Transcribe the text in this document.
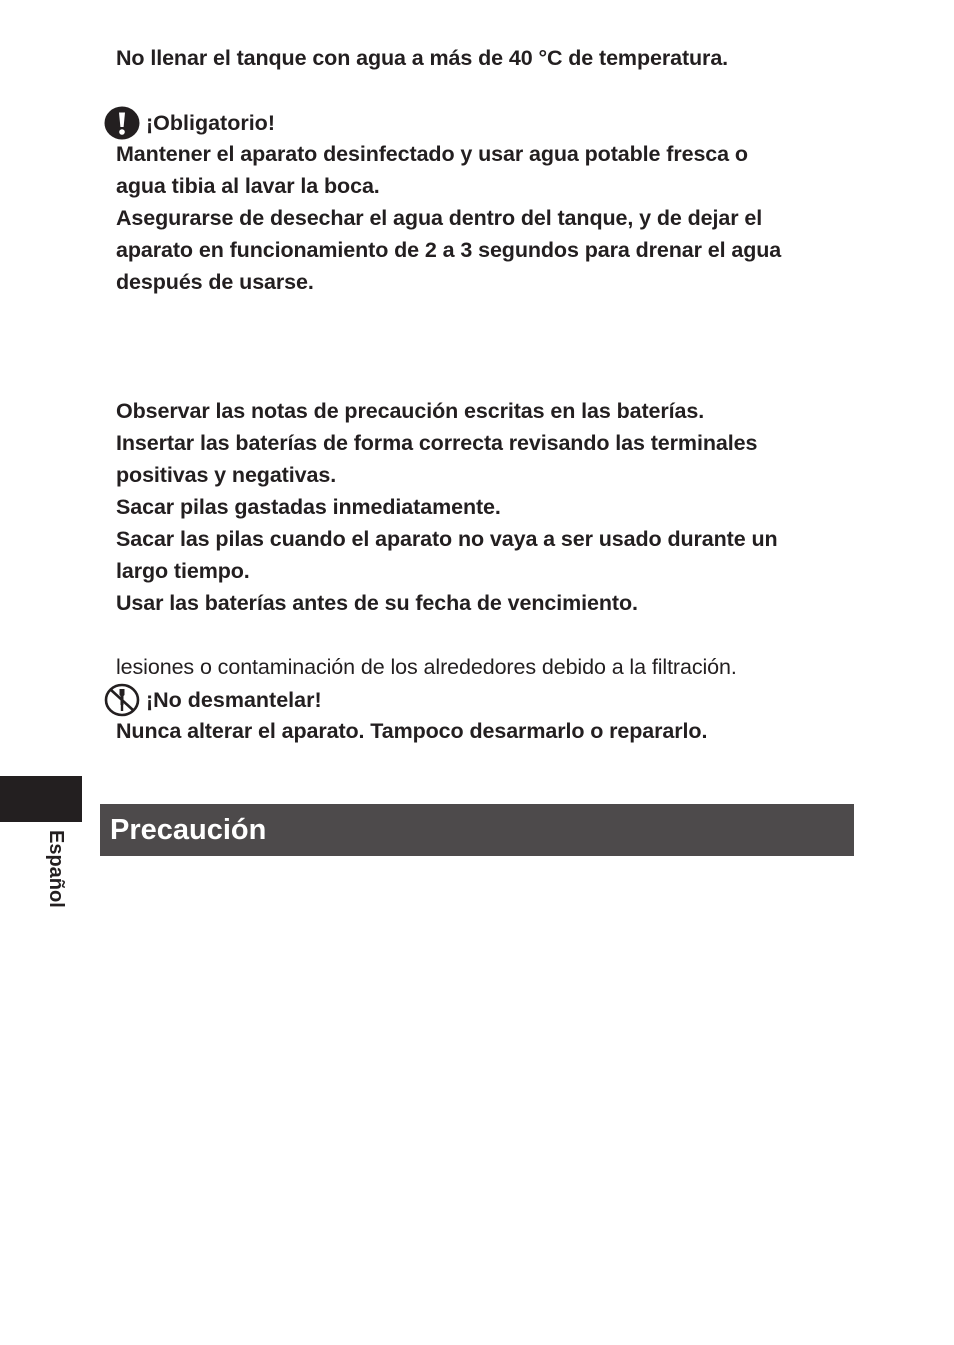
No llenar el tanque con agua a más de 40 °C de temperatura.
¡Obligatorio!
Mantener el aparato desinfectado y usar agua potable fresca o
agua tibia al lavar la boca.
Asegurarse de desechar el agua dentro del tanque, y de dejar el
aparato en funcionamiento de 2 a 3 segundos para drenar el agua
después de usarse.
Observar las notas de precaución escritas en las baterías.
Insertar las baterías de forma correcta revisando las terminales
positivas y negativas.
Sacar pilas gastadas inmediatamente.
Sacar las pilas cuando el aparato no vaya a ser usado durante un
largo tiempo.
Usar las baterías antes de su fecha de vencimiento.
lesiones o contaminación de los alrededores debido a la filtración.
¡No desmantelar!
Nunca alterar el aparato. Tampoco desarmarlo o repararlo.
Español Precaución
